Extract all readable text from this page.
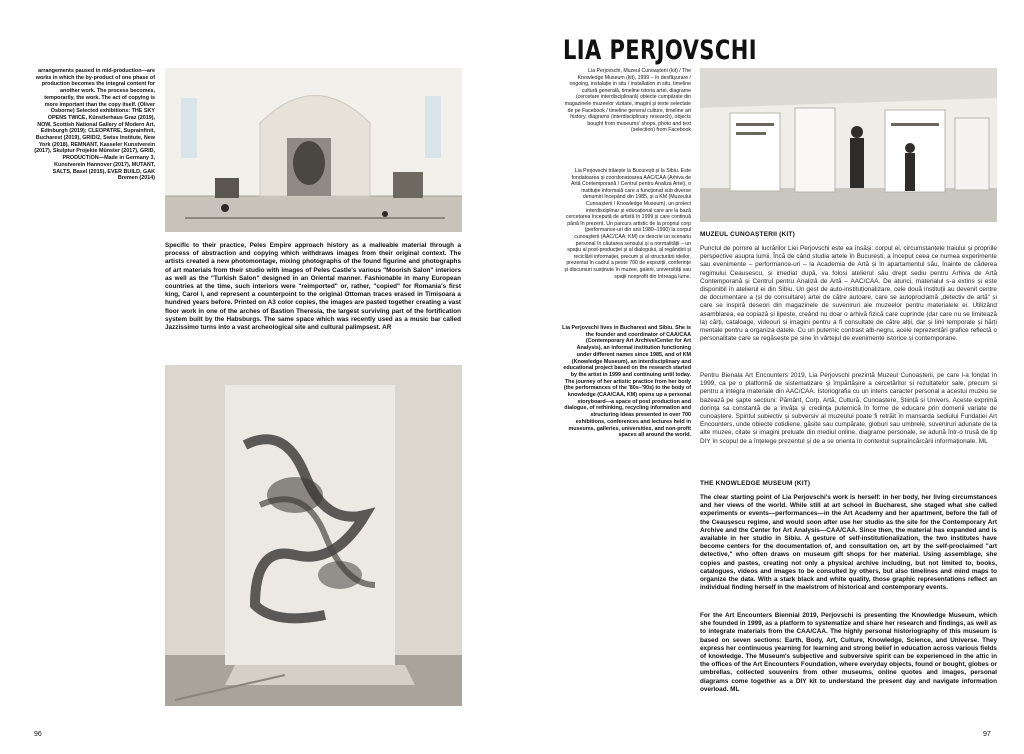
arrangements paused in mid-production—are works in which the by-product of one phase of production becomes the integral content for another work. The process becomes, temporarily, the work. The act of copying is more important than the copy itself. (Oliver Osborne) Selected exhibitions: THE SKY OPENS TWICE, Künstlerhaus Graz (2019), NOW, Scottish National Gallery of Modern Art, Edinburgh (2019); CLEOPATRE, Suprainfinit, Bucharest (2019), GRID/2, Swiss Institute, New York (2018), REMNANT, Kasseler Kunstverein (2017), Skulptur Projekte Münster (2017), GRID, PRODUCTION—Made in Germany 3, Kunstverein Hannover (2017), MUTANT, SALTS, Basel (2015), EVER BUILD, GAK Bremen (2014)

Specific to their practice, Peles Empire approach history as a malleable material through a process of abstraction and copying which withdraws images from their original context. The artists created a new photomontage, mixing photographs of the found figurine and photographs of art materials from their studio with images of Peles Castle's various "Moorish Salon" interiors as well as the "Turkish Salon" designed in an Oriental manner. Fashionable in many European countries at the time, such interiors were "reimported" or, rather, "copied" for Romania's first king, Carol I, and represent a counterpoint to the original Ottoman traces erased in Timișoara a hundred years before. Printed on A3 color copies, the images are pasted together creating a vast floor work in one of the arches of Bastion Theresia, the largest surviving part of the fortification system built by the Habsburgs. The same space which was recently used as a music bar called Jazzissimo turns into a vast archeological site and cultural palimpsest. AR

96
LIA PERJOVSCHI

Lia Perjovschi, Muzeul Cunoașterii (kit) / The Knowledge Museum (kit), 1999 – în desfășurare / ongoing, instalație in situ / installation in situ, timeline cultură generală, timeline istoria artei, diagrame (cercetare interdisciplinară) obiecte cumpărate din magazinele muzeelor vizitate, imagini și texte selectate de pe Facebook / timeline general culture, timeline art history, diagrams (interdisciplinary research), objects bought from museums' shops, photo and text (selection) from Facebook

Lia Perjovschi trăiește la București și la Sibiu. Este fondatoarea și coordonatoarea AAC/CAA (Arhiva de Artă Contemporană / Centrul pentru Analiza Artei), o instituție informală care a funcționat sub diverse denumiri începând din 1985, și a KM (Muzeului Cunoașterii / Knowledge Museum), un proiect interdisciplinar și educațional care are la bază cercetarea începută de artistă în 1999 și care continuă până în prezent. Un parcurs artistic de la propriul corp (performance-uri din anii 1980–1990) la corpul cunoașterii (AAC/CAA; KM) ce descrie un scenariu personal în căutarea sensului și a normalității – un spațiu al post-producției și al dialogului, al regândirii și reciclării informației, precum și al structurării ideilor, prezentat în cadrul a peste 700 de expoziții, conferințe și discursuri susținute în muzee, galerii, universități sau spații nonprofit din întreaga lume.

Lia Perjovschi lives in Bucharest and Sibiu. She is the founder and coordinator of CAA/CAA (Contemporary Art Archive/Center for Art Analysis), an informal institution functioning under different names since 1985, and of KM (Knowledge Museum), an interdisciplinary and educational project based on the research started by the artist in 1999 and continuing until today. The journey of her artistic practice from her body (the performances of the '80s–'90s) to the body of knowledge (CAA/CAA, KM) opens up a personal storyboard—a space of post production and dialogue, of rethinking, recycling information and structuring ideas presented in over 700 exhibitions, conferences and lectures held in museums, galleries, universities, and non-profit spaces all around the world.

MUZEUL CUNOAȘTERII (KIT)

Punctul de pornire al lucrărilor Liei Perjovschi este ea însăși: corpul ei, circumstanțele traiului și propriile perspective asupra lumii. Încă de când studia artele în București, a început ceea ce numea experimente sau evenimente – performance-uri – la Academia de Artă și în apartamentul său, înainte de căderea regimului Ceaușescu, și imediat după, va folosi atelierul său drept sediu pentru Arhiva de Artă Contemporană și Centrul pentru Analiză de Artă – AAC/CAA. De atunci, materialul s-a extins și este disponibil în atelierul ei din Sibiu. Un gest de auto-instituționalizare, cele două instituții au devenit centre de documentare a (și de consultare) artei de către autoare, care se autoproclamă „detectiv de artă" și care se inspiră deseori din magazinele de suveniruri ale muzeelor pentru materialele ei. Utilizând asamblarea, ea copiază și lipește, creând nu doar o arhivă fizică care cuprinde (dar care nu se limitează la) cărți, cataloage, videouri și imagini pentru a fi consultate de către alții, dar și linii temporale și hărți mentale pentru a organiza datele. Cu un puternic contrast alb-negru, acele reprezentări grafice reflectă o personalitate care se regăsește pe sine în vârtejul de evenimente istorice și contemporane.

Pentru Bienala Art Encounters 2019, Lia Perjovschi prezintă Muzeul Cunoașterii, pe care l-a fondat în 1999, ca pe o platformă de sistematizare și împărtășire a cercetărilor și rezultatelor sale, precum și pentru a integra materiale din AAC/CAA. Istoriografia cu un intens caracter personal a acestui muzeu se bazează pe șapte secțiuni: Pământ, Corp, Artă, Cultură, Cunoaștere, Știință și Univers. Aceste exprimă dorința sa constantă de a învăța și credința puternică în forme de educare prin domenii variate de cunoaștere. Spiritul subiectiv și subversiv al muzeului poate fi retrăit în mansarda sediului Fundației Art Encounters, unde obiecte cotidiene, găsite sau cumpărate, globuri sau umbrele, suveniruri adunate de la alte muzee, citate și imagini preluate din mediul online, diagrame personale, se adună într-o trusă de tip DIY în scopul de a înțelege prezentul și de a se orienta în contextul supraîncărcării informaționale. ML

THE KNOWLEDGE MUSEUM (KIT)

The clear starting point of Lia Perjovschi's work is herself: in her body, her living circumstances and her views of the world. While still at art school in Bucharest, she staged what she called experiments or events—performances—in the Art Academy and her apartment, before the fall of the Ceaușescu regime, and would soon after use her studio as the site for the Contemporary Art Archive and the Center for Art Analysis—CAA/CAA. Since then, the material has expanded and is available in her studio in Sibiu. A gesture of self-institutionalization, the two institutes have become centers for the documentation of, and consultation on, art by the self-proclaimed "art detective," who often draws on museum gift shops for her material. Using assemblage, she copies and pastes, creating not only a physical archive including, but not limited to, books, catalogues, videos and images to be consulted by others, but also timelines and mind maps to organize the data. With a stark black and white quality, those graphic representations reflect an individual finding herself in the maelstrom of historical and contemporary events.

For the Art Encounters Biennial 2019, Perjovschi is presenting the Knowledge Museum, which she founded in 1999, as a platform to systematize and share her research and findings, as well as to integrate materials from the CAA/CAA. The highly personal historiography of this museum is based on seven sections: Earth, Body, Art, Culture, Knowledge, Science, and Universe. They express her continuous yearning for learning and strong belief in education across various fields of knowledge. The Museum's subjective and subversive spirit can be experienced in the attic in the offices of the Art Encounters Foundation, where everyday objects, found or bought, globes or umbrellas, collected souvenirs from other museums, online quotes and images, personal diagrams come together as a DIY kit to understand the present day and navigate information overload. ML

97
